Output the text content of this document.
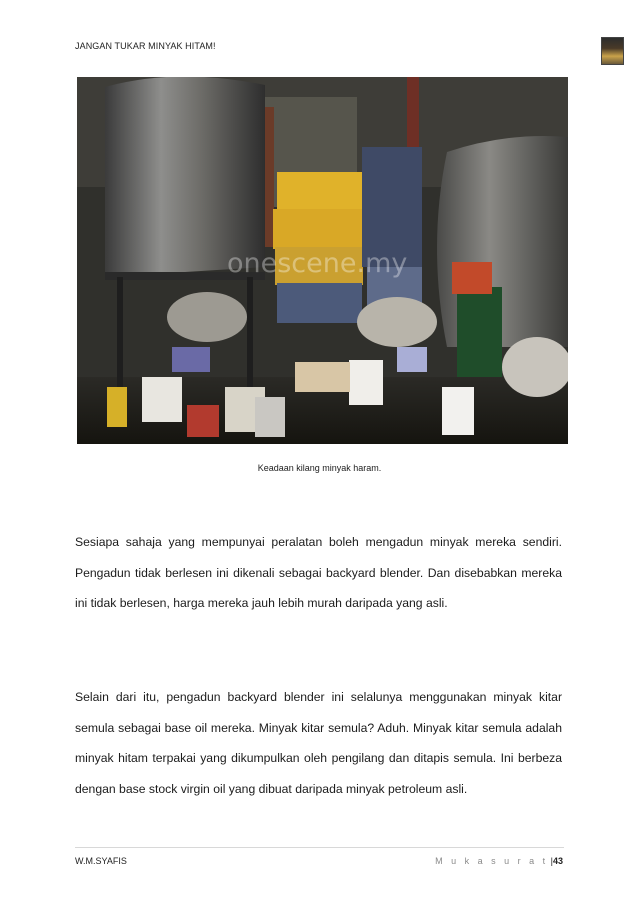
JANGAN TUKAR MINYAK HITAM!
onescene.my
Keadaan kilang minyak haram.
Sesiapa sahaja yang mempunyai peralatan boleh mengadun minyak mereka sendiri. Pengadun tidak berlesen ini dikenali sebagai backyard blender. Dan disebabkan mereka ini tidak berlesen, harga mereka jauh lebih murah daripada yang asli.
Selain dari itu, pengadun backyard blender ini selalunya menggunakan minyak kitar semula sebagai base oil mereka. Minyak kitar semula? Aduh. Minyak kitar semula adalah minyak hitam terpakai yang dikumpulkan oleh pengilang dan ditapis semula. Ini berbeza dengan base stock virgin oil yang dibuat daripada minyak petroleum asli.
W.M.SYAFIS	M u k a s u r a t |43
